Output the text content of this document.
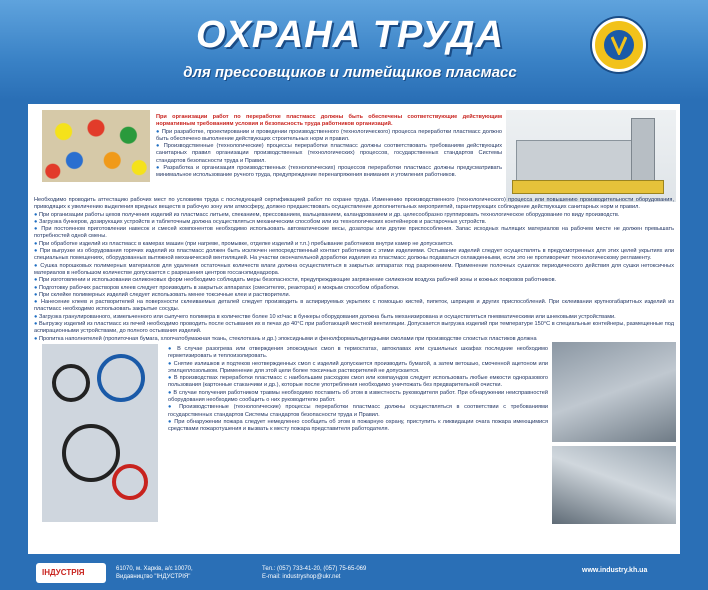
ОХРАНА ТРУДА
для прессовщиков и литейщиков пласмасс

При организации работ по переработке пластмасс должны быть обеспечены соответствующие действующим нормативным требованиям условия и безопасность труда работников организаций.

● При разработке, проектировании и проведении производственного (технологического) процесса переработки пластмасс должно быть обеспечено выполнение действующих строительных норм и правил.

● Производственные (технологические) процессы переработки пластмасс должны соответствовать требованиям действующих санитарных правил организации производственных (технологических) процессов, государственных стандартов Системы стандартов безопасности труда и Правил.

● Разработка и организация производственных (технологических) процессов переработки пластмасс должны предусматривать минимальное использование ручного труда, предупреждение перенапряжения внимания и утомления работников.

Необходимо проводить аттестацию рабочих мест по условиям труда с последующей сертификацией работ по охране труда. Изменению производственного (технологического) процесса или повышению производительности оборудования, приводящих к увеличению выделения вредных веществ в рабочую зону или атмосферу, должно предшествовать осуществление дополнительных мероприятий, гарантирующих соблюдение действующих санитарных норм и правил.

● При организации работы цехов получения изделий из пластмасс литьем, спеканием, прессованием, вальцеванием, каландрованием и др. целесообразно группировать технологическое оборудование по виду производств.

● Загрузка бункеров, дозирующих устройств и таблеточным должна осуществляться механическим способом или из технологических контейнеров и растарочных устройств.

● При постоянном приготовлении навесок и смесей компонентов необходимо использовать автоматические весы, дозаторы или другие приспособления. Запас исходных пылящих материалов на рабочем месте не должен превышать потребностей одной смены.

● При обработке изделий из пластмасс в камерах машин (при нагреве, промывке, отделке изделий и т.п.) пребывание работников внутри камер не допускается.

● При выгрузке из оборудования горячих изделий из пластмасс должен быть исключен непосредственный контакт работников с этими изделиями. Остывание изделий следует осуществлять в предусмотренных для этих целей укрытиях или специальных помещениях, оборудованных вытяжной механической вентиляцией. На участки окончательной доработки изделия из пластмасс должны подаваться охлажденными, если это не противоречит технологическому регламенту.

● Сушка порошковых полимерных материалов для удаления остаточных количеств влаги должна осуществляться в закрытых аппаратах под разрежением. Применение полочных сушилок периодического действия для сушки нетоксичных материалов в небольшом количестве допускается с разрешения центров госсанэпиднадзора.

● При изготовлении и использовании силиконовых форм необходимо соблюдать меры безопасности, предупреждающие загрязнение силиконом воздуха рабочей зоны и кожных покровов работников.

● Подготовку рабочих растворов клеев следует производить в закрытых аппаратах (смесителях, реакторах) и мокрым способом обработки.

● При склейке полимерных изделий следует использовать менее токсичные клеи и растворители.

● Нанесение клеев и растворителей на поверхности склеиваемых деталей следует производить в аспирируемых укрытиях с помощью кистей, пипеток, шприцев и других приспособлений. При склеивании крупногабаритных изделий из пластмасс необходимо использовать закрытые сосуды.

● Загрузка гранулированного, измельченного или сыпучего полимера в количестве более 10 кг/час в бункеры оборудования должна быть механизирована и осуществляться пневматическими или шнековыми устройствами.

● Выгрузку изделий из пластмасс из печей необходимо проводить после остывания их в печах до 40°С при работающей местной вентиляции. Допускается выгрузка изделий при температуре 150°С в специальные контейнеры, размещенные под аспирационными устройствами, до полного остывания изделий.

● Пропитка наполнителей (пропиточная бумага, хлопчатобумажная ткань, стеклоткань и др.) эпоксидными и фенолформальдегидными смолами при производстве слоистых пластиков должна

● В случае разогрева или отверждения эпоксидных смол в термостатах, автоклавах или сушильных шкафах последние необходимо герметизировать и теплоизолировать.

● Снятие излишков и подтеков неотвержденных смол с изделий допускается производить бумагой, а затем ветошью, смоченной ацетоном или этилцеллозольвом. Применение для этой цели более токсичных растворителей не допускается.

● В производствах переработки пластмасс с наибольшим расходом смол или компаундов следует использовать любые емкости одноразового пользования (картонные стаканчики и др.), которые после употребления необходимо уничтожать без предварительной очистки.

● В случае получения работником травмы необходимо поставить об этом в известность руководителя работ. При обнаружении неисправностей оборудования необходимо сообщить о них руководителю работ.

● Производственные (технологические) процессы переработки пластмасс должны осуществляться в соответствии с требованиями государственных стандартов Системы стандартов безопасности труда и Правил.

● При обнаружении пожара следует немедленно сообщить об этом в пожарную охрану, приступить к ликвидации очага пожара имеющимися средствами пожаротушения и вызвать к месту пожара представителя работодателя.

ІНДУСТРІЯ	61070, м. Харків, а/с 10070,
Видавництво "ІНДУСТРІЯ"
Тел.: (057) 733-41-20, (057) 75-65-069
E-mail: industryshop@ukr.net
www.industry.kh.ua
